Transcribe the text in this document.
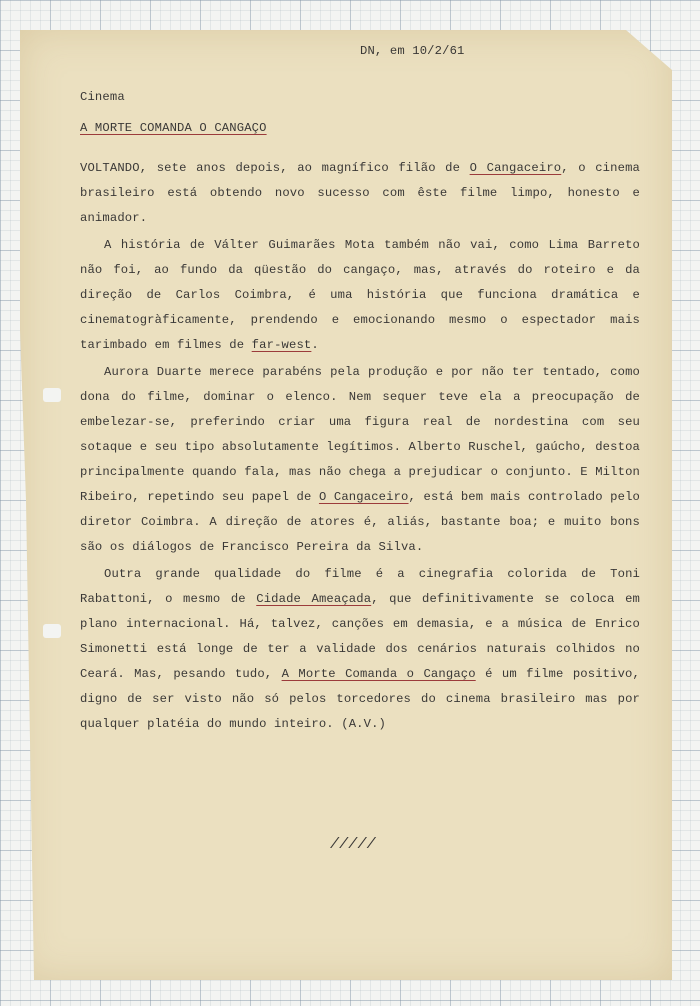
DN, em 10/2/61
Cinema
A MORTE COMANDA O CANGAÇO

VOLTANDO, sete anos depois, ao magnífico filão de O Cangaceiro, o cinema brasileiro está obtendo novo sucesso com êste filme limpo, honesto e animador.

A história de Válter Guimarães Mota também não vai, como Lima Barreto não foi, ao fundo da qüestão do cangaço, mas, através do roteiro e da direção de Carlos Coimbra, é uma história que funciona dramática e cinematogràficamente, prendendo e emocionando mesmo o espectador mais tarimbado em filmes de far-west.

Aurora Duarte merece parabéns pela produção e por não ter tentado, como dona do filme, dominar o elenco. Nem sequer teve ela a preocupação de embelezar-se, preferindo criar uma figura real de nordestina com seu sotaque e seu tipo absolutamente legítimos. Alberto Ruschel, gaúcho, destoa principalmente quando fala, mas não chega a prejudicar o conjunto. E Milton Ribeiro, repetindo seu papel de O Cangaceiro, está bem mais controlado pelo diretor Coimbra. A direção de atores é, aliás, bastante boa; e muito bons são os diálogos de Francisco Pereira da Silva.

Outra grande qualidade do filme é a cinegrafia colorida de Toni Rabattoni, o mesmo de Cidade Ameaçada, que definitivamente se coloca em plano internacional. Há, talvez, canções em demasia, e a música de Enrico Simonetti está longe de ter a validade dos cenários naturais colhidos no Ceará. Mas, pesando tudo, A Morte Comanda o Cangaço é um filme positivo, digno de ser visto não só pelos torcedores do cinema brasileiro mas por qualquer platéia do mundo inteiro. (A.V.)

/////
